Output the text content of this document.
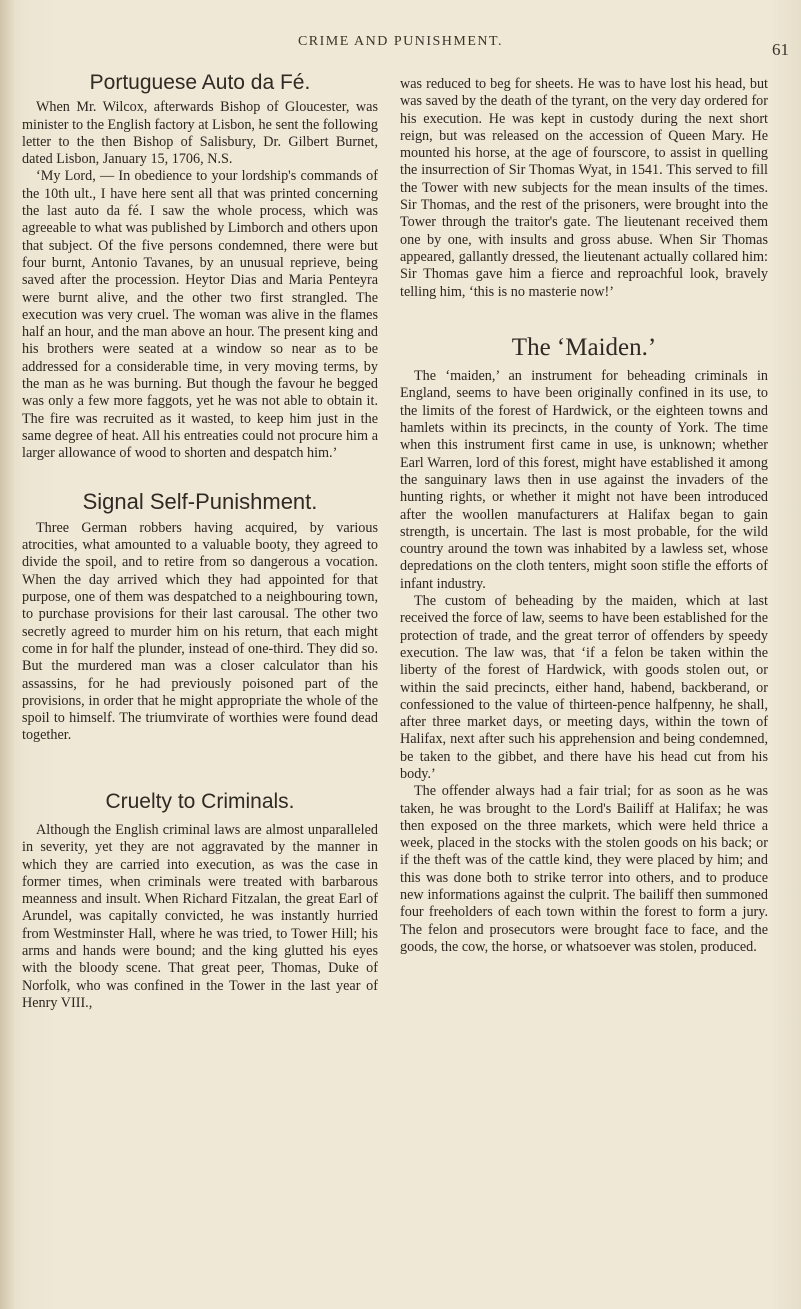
CRIME AND PUNISHMENT.	61
Portuguese Auto da Fé.

When Mr. Wilcox, afterwards Bishop of Gloucester, was minister to the English factory at Lisbon, he sent the following letter to the then Bishop of Salisbury, Dr. Gilbert Burnet, dated Lisbon, January 15, 1706, N.S.

‘My Lord, — In obedience to your lordship's commands of the 10th ult., I have here sent all that was printed concerning the last auto da fé. I saw the whole process, which was agreeable to what was published by Limborch and others upon that subject. Of the five persons condemned, there were but four burnt, Antonio Tavanes, by an unusual reprieve, being saved after the procession. Heytor Dias and Maria Penteyra were burnt alive, and the other two first strangled. The execution was very cruel. The woman was alive in the flames half an hour, and the man above an hour. The present king and his brothers were seated at a window so near as to be addressed for a considerable time, in very moving terms, by the man as he was burning. But though the favour he begged was only a few more faggots, yet he was not able to obtain it. The fire was recruited as it wasted, to keep him just in the same degree of heat. All his entreaties could not procure him a larger allowance of wood to shorten and despatch him.’

Signal Self-Punishment.

Three German robbers having acquired, by various atrocities, what amounted to a valuable booty, they agreed to divide the spoil, and to retire from so dangerous a vocation. When the day arrived which they had appointed for that purpose, one of them was despatched to a neighbouring town, to purchase provisions for their last carousal. The other two secretly agreed to murder him on his return, that each might come in for half the plunder, instead of one-third. They did so. But the murdered man was a closer calculator than his assassins, for he had previously poisoned part of the provisions, in order that he might appropriate the whole of the spoil to himself. The triumvirate of worthies were found dead together.

Cruelty to Criminals.

Although the English criminal laws are almost unparalleled in severity, yet they are not aggravated by the manner in which they are carried into execution, as was the case in former times, when criminals were treated with barbarous meanness and insult. When Richard Fitzalan, the great Earl of Arundel, was capitally convicted, he was instantly hurried from Westminster Hall, where he was tried, to Tower Hill; his arms and hands were bound; and the king glutted his eyes with the bloody scene. That great peer, Thomas, Duke of Norfolk, who was confined in the Tower in the last year of Henry VIII.,

was reduced to beg for sheets. He was to have lost his head, but was saved by the death of the tyrant, on the very day ordered for his execution. He was kept in custody during the next short reign, but was released on the accession of Queen Mary. He mounted his horse, at the age of fourscore, to assist in quelling the insurrection of Sir Thomas Wyat, in 1541. This served to fill the Tower with new subjects for the mean insults of the times. Sir Thomas, and the rest of the prisoners, were brought into the Tower through the traitor's gate. The lieutenant received them one by one, with insults and gross abuse. When Sir Thomas appeared, gallantly dressed, the lieutenant actually collared him: Sir Thomas gave him a fierce and reproachful look, bravely telling him, ‘this is no masterie now!’

The ‘Maiden.’

The ‘maiden,’ an instrument for beheading criminals in England, seems to have been originally confined in its use, to the limits of the forest of Hardwick, or the eighteen towns and hamlets within its precincts, in the county of York. The time when this instrument first came in use, is unknown; whether Earl Warren, lord of this forest, might have established it among the sanguinary laws then in use against the invaders of the hunting rights, or whether it might not have been introduced after the woollen manufacturers at Halifax began to gain strength, is uncertain. The last is most probable, for the wild country around the town was inhabited by a lawless set, whose depredations on the cloth tenters, might soon stifle the efforts of infant industry.

The custom of beheading by the maiden, which at last received the force of law, seems to have been established for the protection of trade, and the great terror of offenders by speedy execution. The law was, that ‘if a felon be taken within the liberty of the forest of Hardwick, with goods stolen out, or within the said precincts, either hand, habend, backberand, or confessioned to the value of thirteen-pence halfpenny, he shall, after three market days, or meeting days, within the town of Halifax, next after such his apprehension and being condemned, be taken to the gibbet, and there have his head cut from his body.’

The offender always had a fair trial; for as soon as he was taken, he was brought to the Lord's Bailiff at Halifax; he was then exposed on the three markets, which were held thrice a week, placed in the stocks with the stolen goods on his back; or if the theft was of the cattle kind, they were placed by him; and this was done both to strike terror into others, and to produce new informations against the culprit. The bailiff then summoned four freeholders of each town within the forest to form a jury. The felon and prosecutors were brought face to face, and the goods, the cow, the horse, or whatsoever was stolen, produced.
